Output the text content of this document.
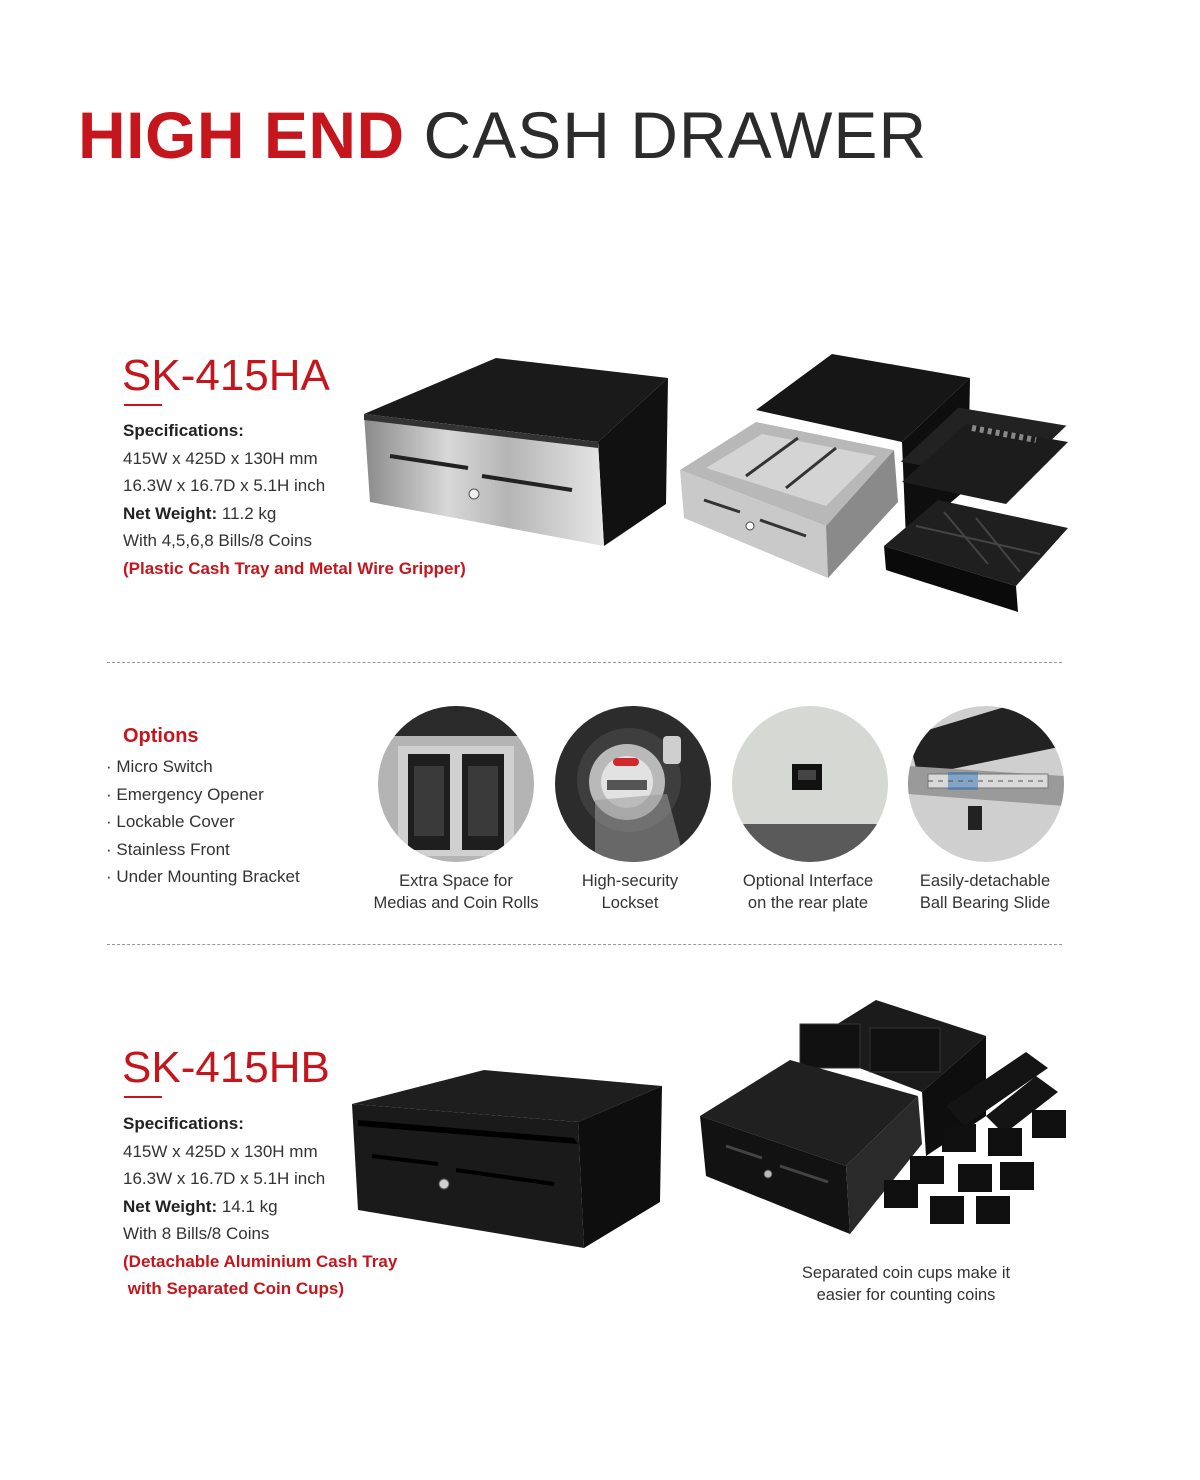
HIGH END CASH DRAWER
SK-415HA
Specifications:
415W x 425D x 130H mm
16.3W x 16.7D x 5.1H inch
Net Weight: 11.2 kg
With 4,5,6,8 Bills/8 Coins
(Plastic Cash Tray and Metal Wire Gripper)
Options
· Micro Switch
· Emergency Opener
· Lockable Cover
· Stainless Front
· Under Mounting Bracket	Extra Space for
Medias and Coin Rolls
High-security
Lockset
Optional Interface
on the rear plate
Easily-detachable
Ball Bearing Slide
SK-415HB
Specifications:
415W x 425D x 130H mm
16.3W x 16.7D x 5.1H inch
Net Weight: 14.1 kg
With 8 Bills/8 Coins
(Detachable Aluminium Cash Tray
with Separated Coin Cups)
Separated coin cups make it
easier for counting coins
